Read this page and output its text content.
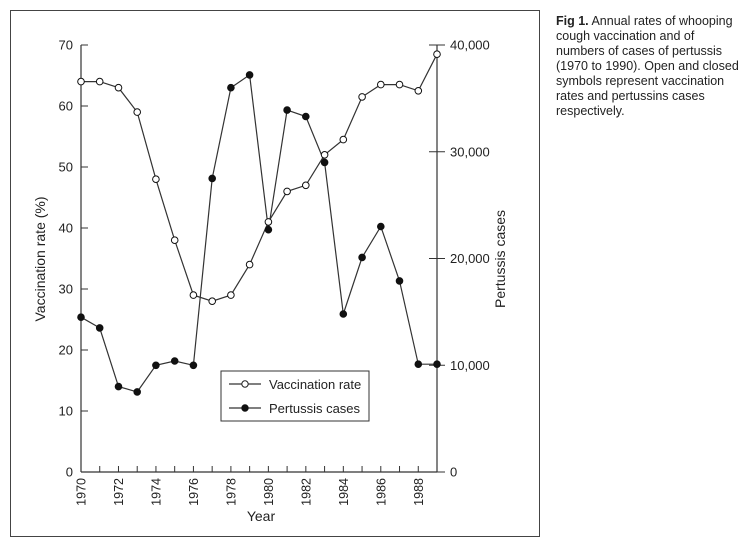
0
10
20
30
40
50
60
70
0
10,000
20,000
30,000
40,000
1970 1972 1974 1976 1978 1980 1982 1984 1986 1988
Year
Vaccination rate (%)	Pertussis cases
Vaccination rate
Pertussis cases
Fig 1. Annual rates of whooping cough vaccination and of numbers of cases of pertussis (1970 to 1990). Open and closed symbols represent vaccination rates and pertussins cases respectively.
